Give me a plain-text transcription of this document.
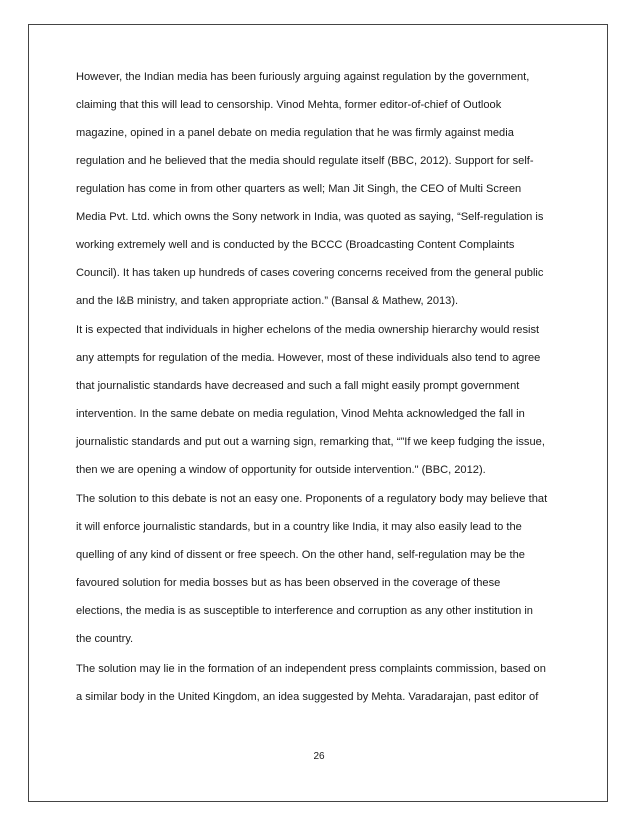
However, the Indian media has been furiously arguing against regulation by the government,
claiming that this will lead to censorship. Vinod Mehta, former editor-of-chief of Outlook
magazine, opined in a panel debate on media regulation that he was firmly against media
regulation and he believed that the media should regulate itself (BBC, 2012). Support for self-
regulation has come in from other quarters as well; Man Jit Singh, the CEO of Multi Screen
Media Pvt. Ltd. which owns the Sony network in India, was quoted as saying, “Self-regulation is
working extremely well and is conducted by the BCCC (Broadcasting Content Complaints
Council). It has taken up hundreds of cases covering concerns received from the general public
and the I&B ministry, and taken appropriate action.” (Bansal & Mathew, 2013).
It is expected that individuals in higher echelons of the media ownership hierarchy would resist
any attempts for regulation of the media. However, most of these individuals also tend to agree
that journalistic standards have decreased and such a fall might easily prompt government
intervention. In the same debate on media regulation, Vinod Mehta acknowledged the fall in
journalistic standards and put out a warning sign, remarking that, “"If we keep fudging the issue,
then we are opening a window of opportunity for outside intervention." (BBC, 2012).
The solution to this debate is not an easy one. Proponents of a regulatory body may believe that
it will enforce journalistic standards, but in a country like India, it may also easily lead to the
quelling of any kind of dissent or free speech. On the other hand, self-regulation may be the
favoured solution for media bosses but as has been observed in the coverage of these
elections, the media is as susceptible to interference and corruption as any other institution in
the country.
The solution may lie in the formation of an independent press complaints commission, based on
a similar body in the United Kingdom, an idea suggested by Mehta. Varadarajan, past editor of
26
